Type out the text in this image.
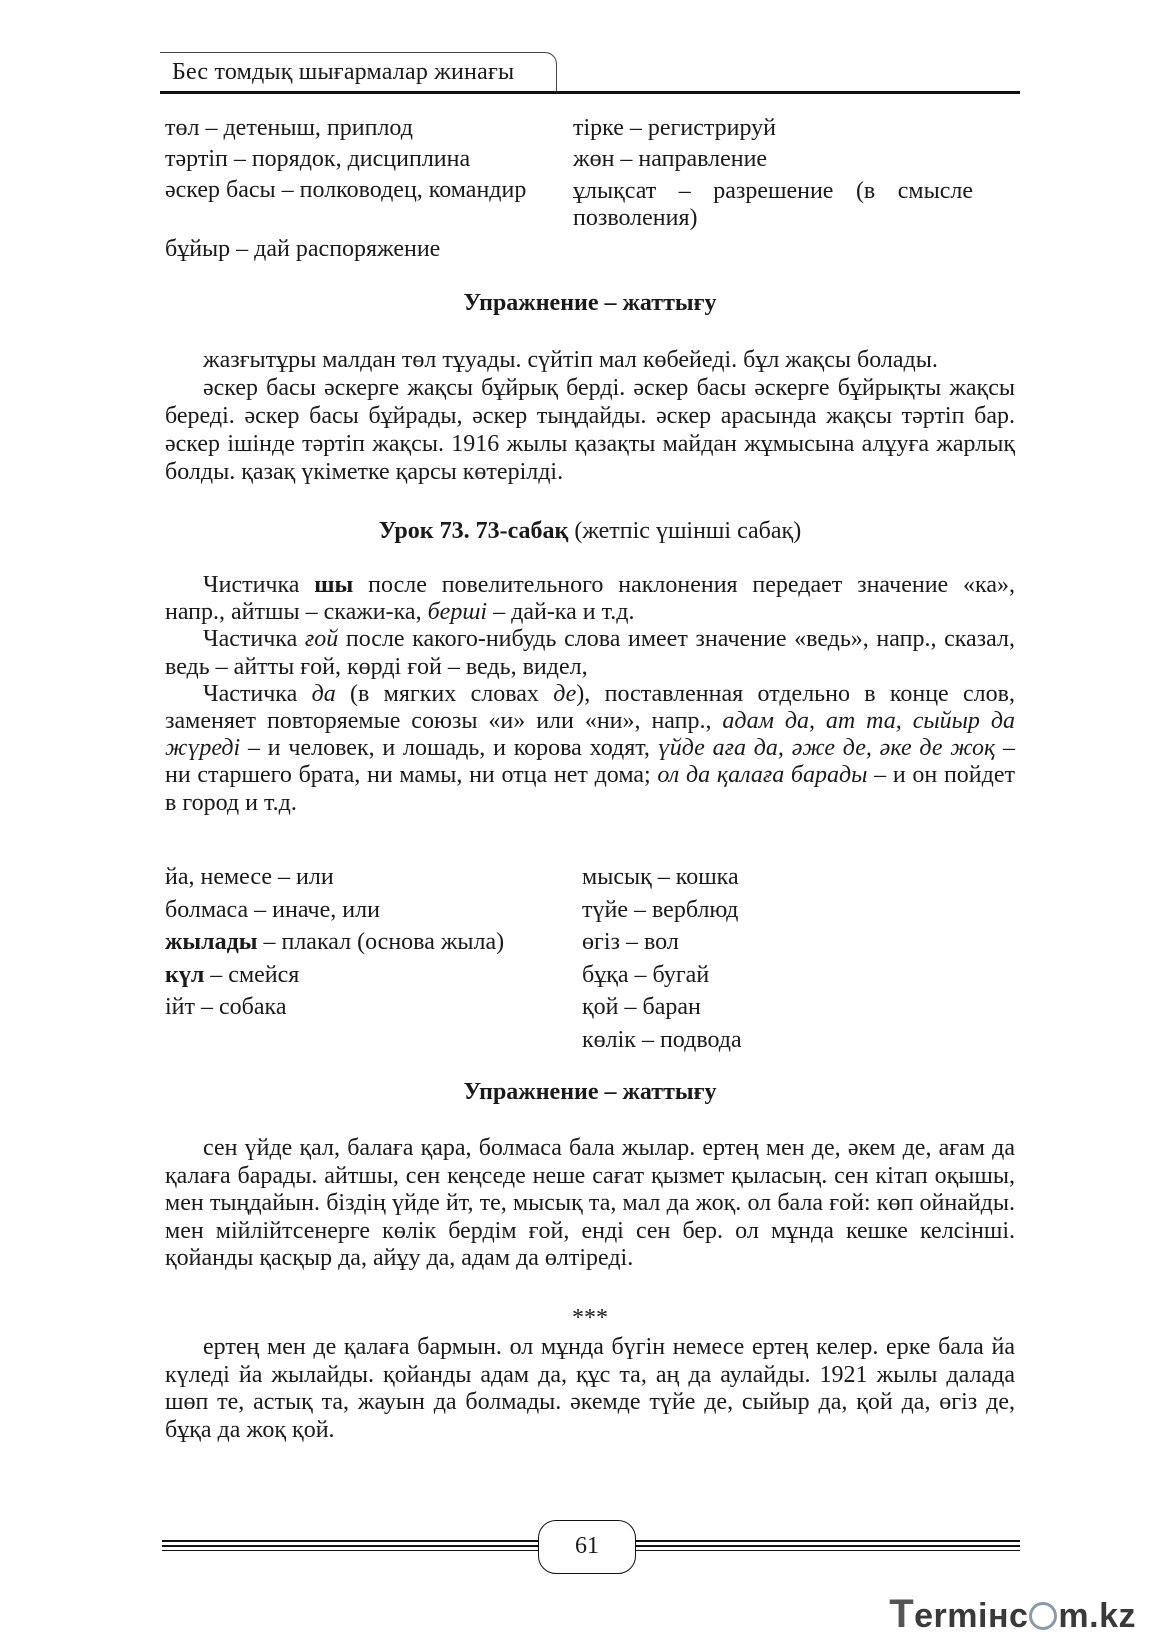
Бес томдық шығармалар жинағы
төл – детеныш, приплод
тәртіп – порядок, дисциплина
әскер басы – полководец, командир
бұйыр – дай распоряжение
тірке – регистрируй
жөн – направление
ұлықсат – разрешение (в смысле позволения)
Упражнение – жаттығу

жазғытұры малдан төл тұуады. сүйтіп мал көбейеді. бұл жақсы болады.

әскер басы әскерге жақсы бұйрық берді. әскер басы әскерге бұйрықты жақсы береді. әскер басы бұйрады, әскер тыңдайды. әскер арасында жақсы тәртіп бар. әскер ішінде тәртіп жақсы. 1916 жылы қазақты майдан жұмысына алұуға жарлық болды. қазақ үкіметке қарсы көтерілді.

Урок 73. 73-сабақ (жетпіс үшінші сабақ)

Чистичка шы после повелительного наклонения передает значение «ка», напр., айтшы – скажи-ка, берші – дай-ка и т.д.

Частичка ғой после какого-нибудь слова имеет значение «ведь», напр., сказал, ведь – айтты ғой, көрді ғой – ведь, видел,

Частичка да (в мягких словах де), поставленная отдельно в конце слов, заменяет повторяемые союзы «и» или «ни», напр., адам да, ат та, сыйыр да жүреді – и человек, и лошадь, и корова ходят, үйде аға да, әже де, әке де жоқ – ни старшего брата, ни мамы, ни отца нет дома; ол да қалаға барады – и он пойдет в город и т.д.

йа, немесе – или
болмаса – иначе, или
жылады – плакал (основа жыла)
күл – смейся
ійт – собака
мысық – кошка
түйе – верблюд
өгіз – вол
бұқа – бугай
қой – баран
көлік – подвода
Упражнение – жаттығу

сен үйде қал, балаға қара, болмаса бала жылар. ертең мен де, әкем де, ағам да қалаға барады. айтшы, сен кеңседе неше сағат қызмет қыласың. сен кітап оқышы, мен тыңдайын. біздің үйде йт, те, мысық та, мал да жоқ. ол бала ғой: көп ойнайды. мен мійлійтсенерге көлік бердім ғой, енді сен бер. ол мұнда кешке келсінші. қойанды қасқыр да, айұу да, адам да өлтіреді.

***

ертең мен де қалаға бармын. ол мұнда бүгін немесе ертең келер. ерке бала йа күледі йа жылайды. қойанды адам да, құс та, аң да аулайды. 1921 жылы далада шөп те, астық та, жауын да болмады. әкемде түйе де, сыйыр да, қой да, өгіз де, бұқа да жоқ қой.

61
Termінc m.kz
